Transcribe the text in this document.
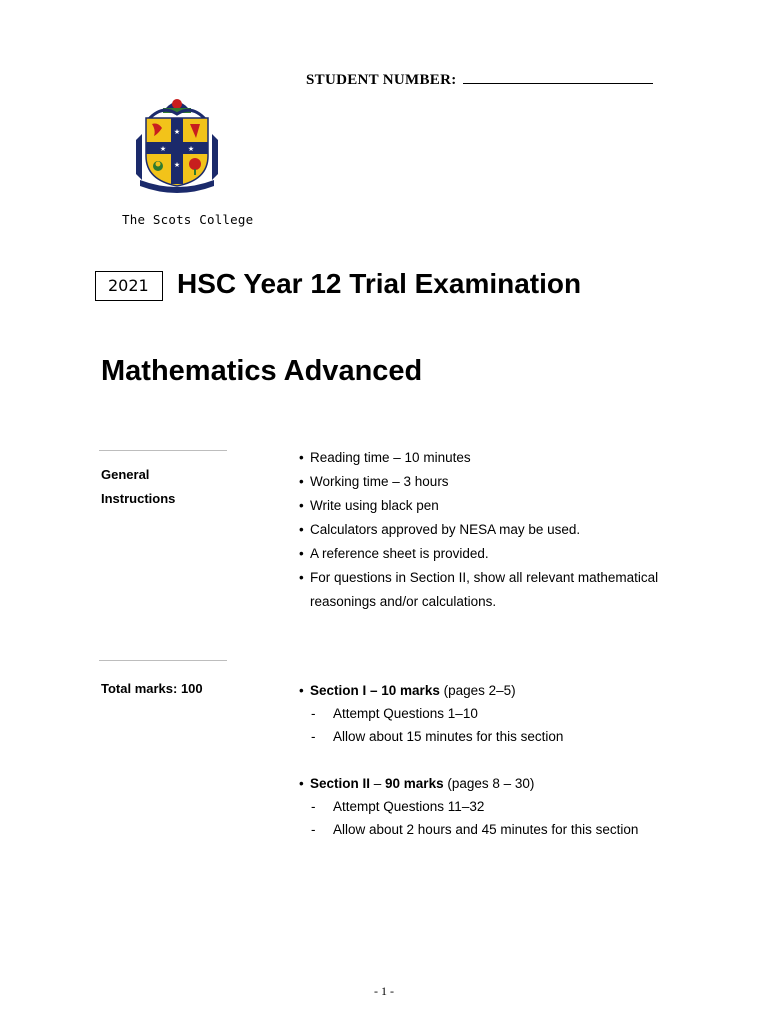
STUDENT NUMBER:
★
★	★
★
The Scots College
2021	HSC Year 12 Trial Examination
Mathematics Advanced
General
Instructions
• Reading time – 10 minutes
• Working time – 3 hours
• Write using black pen
• Calculators approved by NESA may be used.
• A reference sheet is provided.
• For questions in Section II, show all relevant mathematical
reasonings and/or calculations.
Total marks: 100	• Section I – 10 marks (pages 2–5)
- Attempt Questions 1–10
- Allow about 15 minutes for this section
• Section II – 90 marks (pages 8 – 30)
- Attempt Questions 11–32
- Allow about 2 hours and 45 minutes for this section
- 1 -
